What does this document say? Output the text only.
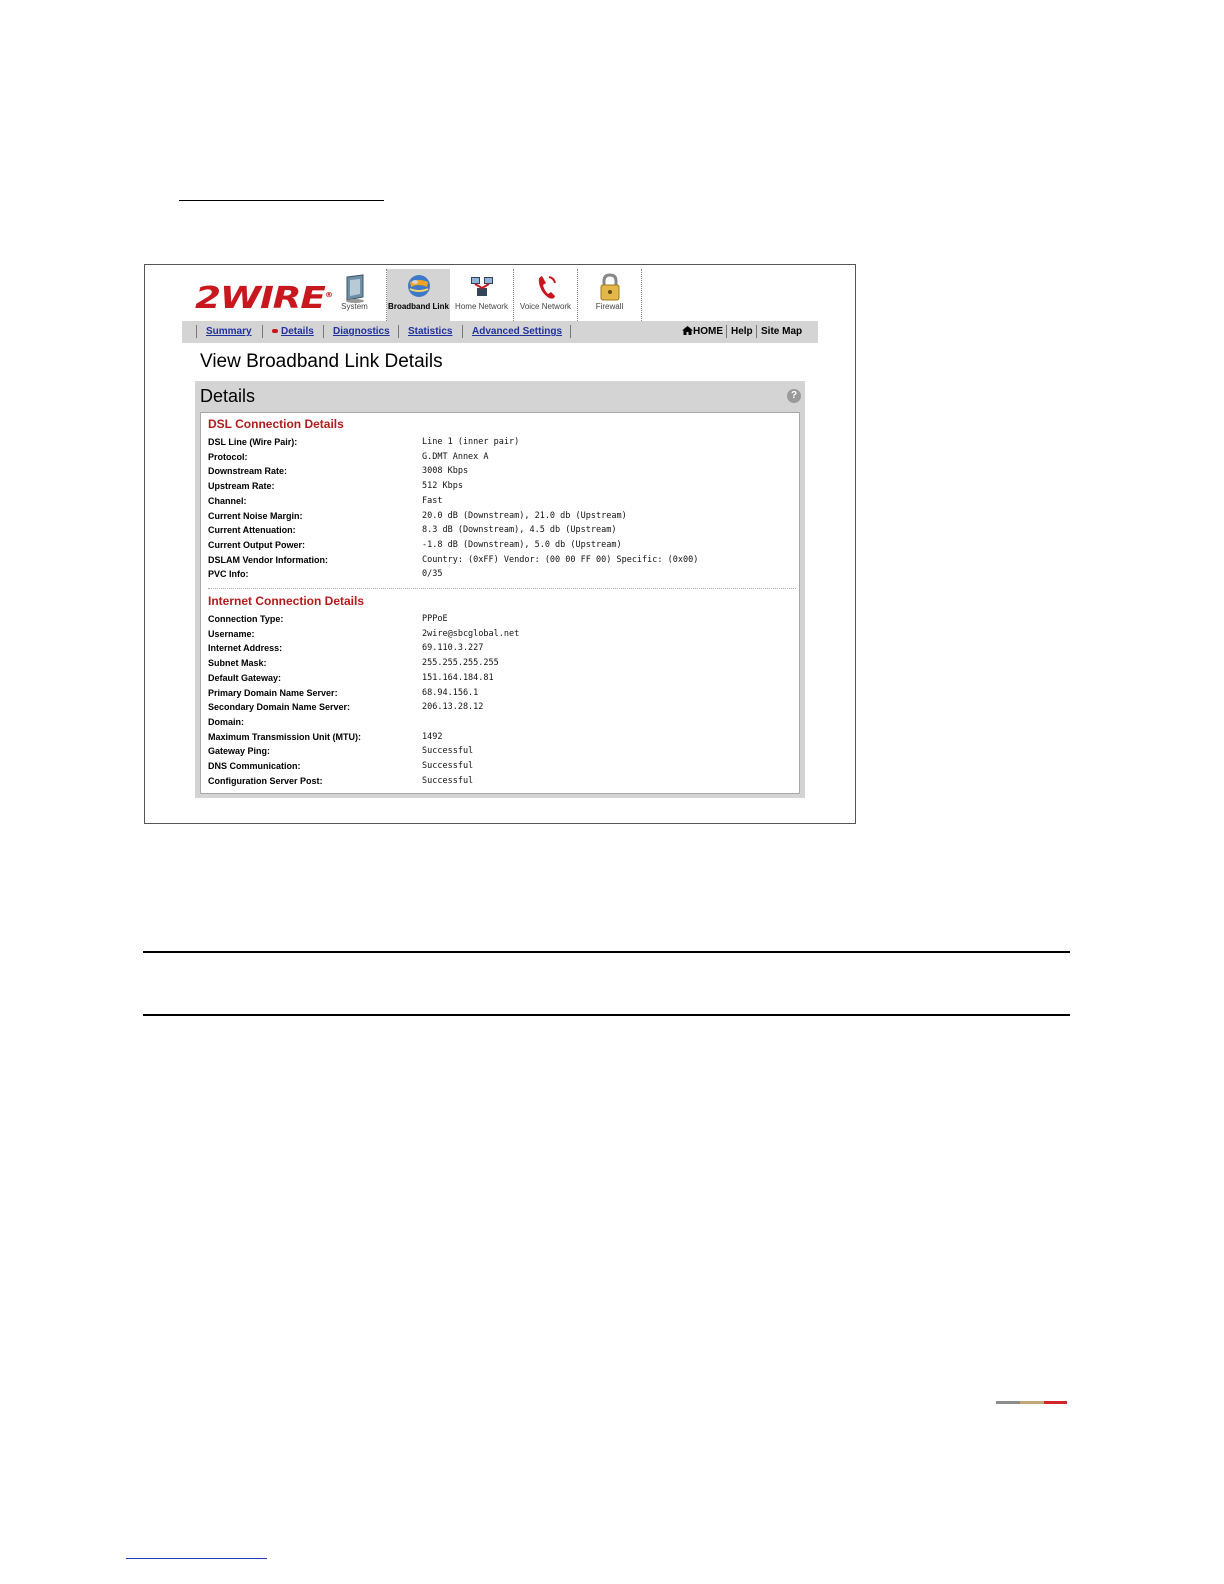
2WIRE®
System	Broadband Link Home Network	Voice Network	Firewall
Summary	Details Diagnostics Statistics Advanced Settings	HOME Help Site Map
View Broadband Link Details
Details	?
DSL Connection Details
DSL Line (Wire Pair):	Line 1 (inner pair)
Protocol:	G.DMT Annex A
Downstream Rate:	3008 Kbps
Upstream Rate:	512 Kbps
Channel:	Fast
Current Noise Margin:	20.0 dB (Downstream), 21.0 db (Upstream)
Current Attenuation:	8.3 dB (Downstream), 4.5 db (Upstream)
Current Output Power:	-1.8 dB (Downstream), 5.0 db (Upstream)
DSLAM Vendor Information:	Country: (0xFF) Vendor: (00 00 FF 00) Specific: (0x00)
PVC Info:	0/35
Internet Connection Details
Connection Type:	PPPoE
Username:	2wire@sbcglobal.net
Internet Address:	69.110.3.227
Subnet Mask:	255.255.255.255
Default Gateway:	151.164.184.81
Primary Domain Name Server:	68.94.156.1
Secondary Domain Name Server:	206.13.28.12
Domain:
Maximum Transmission Unit (MTU):	1492
Gateway Ping:	Successful
DNS Communication:	Successful
Configuration Server Post:	Successful
